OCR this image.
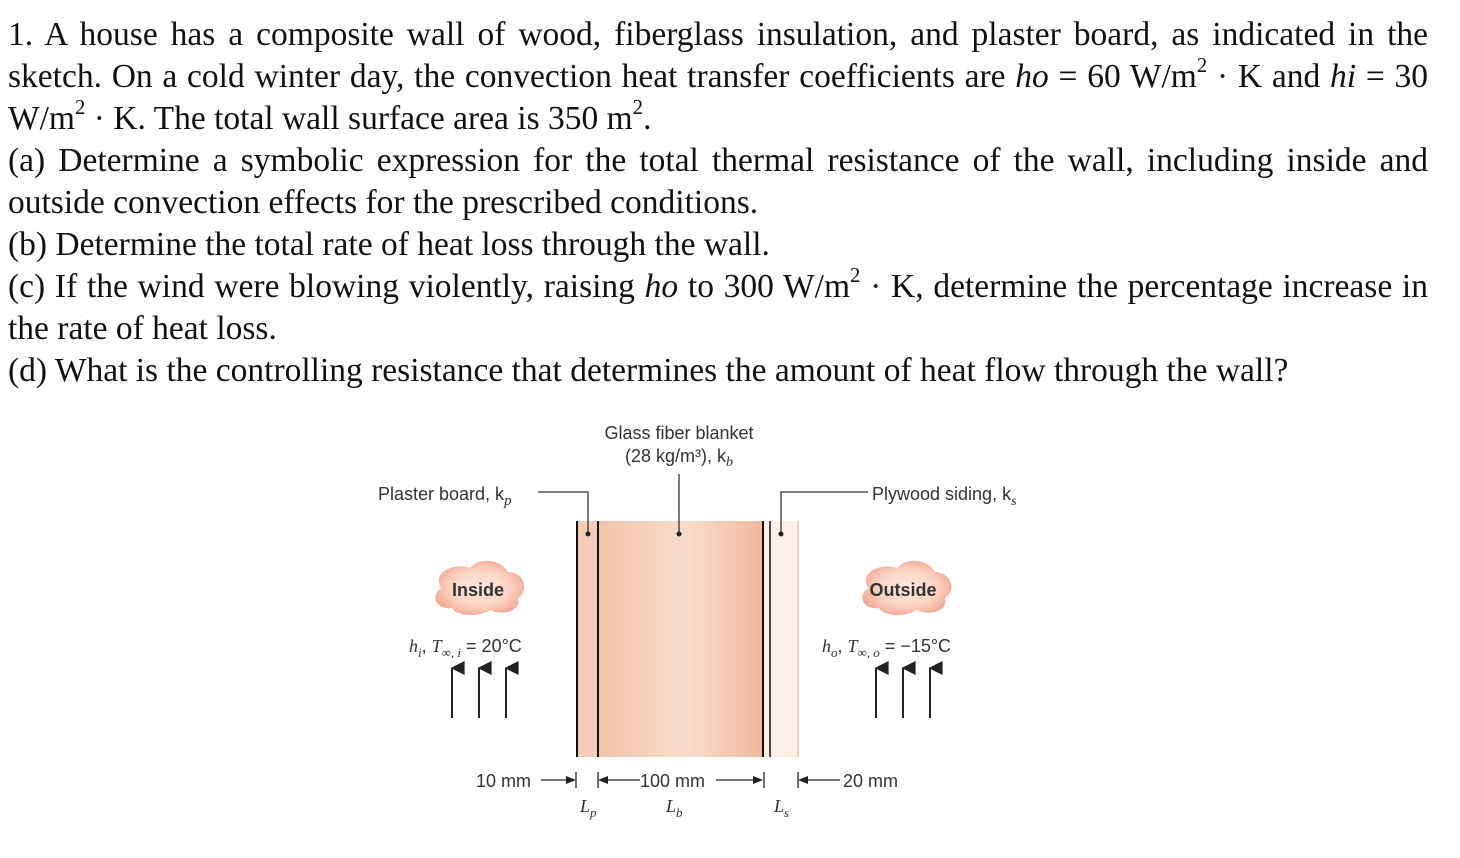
1. A house has a composite wall of wood, fiberglass insulation, and plaster board, as indicated in the sketch. On a cold winter day, the convection heat transfer coefficients are ho = 60 $W/m^2 \cdot K$ and hi = 30 $W/m^2 \cdot K$. The total wall surface area is 350 $m^2$.

(a) Determine a symbolic expression for the total thermal resistance of the wall, including inside and outside convection effects for the prescribed conditions.

(b) Determine the total rate of heat loss through the wall.

(c) If the wind were blowing violently, raising ho to 300 $W/m^2 \cdot K$, determine the percentage increase in the rate of heat loss.

(d) What is the controlling resistance that determines the amount of heat flow through the wall?

Glass fiber blanket
(28 kg/m³), $k_b$
Plaster board, $k_p$	Plywood siding, $k_s$
Inside	Outside
$h_i$, $T_{\infty, i} = 20^\circ C$	$h_o$, $T_{\infty, o} = -15^\circ C$
10 mm	100 mm	20 mm
$L_p$	$L_b$	$L_s$
